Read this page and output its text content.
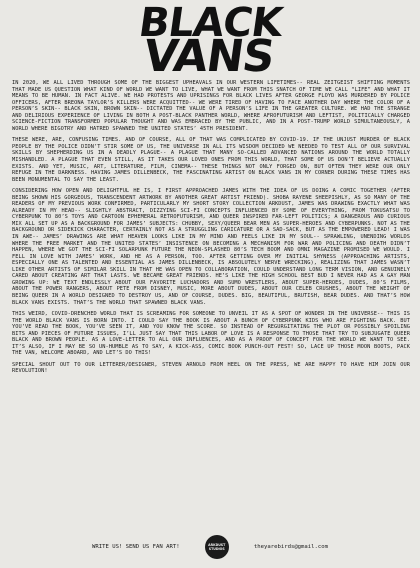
BLACK
VANS

IN 2020, WE ALL LIVED THROUGH SOME OF THE BIGGEST UPHEAVALS IN OUR WESTERN LIFETIMES-- REAL ZEITGEIST SHIFTING MOMENTS THAT MADE US QUESTION WHAT KIND OF WORLD WE WANT TO LIVE, WHAT WE WANT FROM THIS SNATCH OF TIME WE CALL “LIFE” AND WHAT IT MEANS TO BE HUMAN. IN FACT ALIVE. WE HAD PROTESTS AND UPRISINGS FOR BLACK LIVES AFTER GEORGE FLOYD WAS MURDERED BY POLICE OFFICERS, AFTER BREONA TAYLOR’S KILLERS WERE ACQUITTED-- WE WERE TIRED OF HAVING TO FACE ANOTHER DAY WHERE THE COLOR OF A PERSON’S SKIN-- BLACK SKIN, BROWN SKIN-- DICTATED THE VALUE OF A PERSON’S LIFE IN THE GREATER CULTURE. WE HAD THE STRANGE AND DELIRIOUS EXPERIENCE OF LIVING IN BOTH A POST-BLACK PANTHER WORLD, WHERE AFROFUTURISM AND LEFTIST, POLITICALLY CHARGED SCIENCE-FICTION TRANSFORMED POPULAR THOUGHT AND WAS EMBRACED BY THE PUBLIC, AND IN A POST-TRUMP WORLD SIMULTANEOUSLY, A WORLD WHERE BIGOTRY AND HATRED SPAWNED THE UNITED STATES’ 45TH PRESIDENT.

THESE WERE, ARE, CONFUSING TIMES. AND OF COURSE, ALL OF THAT WAS COMPLICATED BY COVID-19. IF THE UNJUST MURDER OF BLACK PEOPLE BY THE POLICE DIDN’T STIR SOME OF US, THE UNIVERSE IN ALL ITS WISDOM DECIDED WE NEEDED TO TEST ALL OF OUR SURVIVAL SKILLS BY SHEPHERDING US IN A DEADLY PLAGUE-- A PLAGUE THAT MANY SO-CALLED ADVANCED NATIONS AROUND THE WORLD TOTALLY MISHANDLED. A PLAGUE THAT EVEN STILL, AS IT TAKES OUR LOVED ONES FROM THIS WORLD, THAT SOME OF US DON’T BELIEVE ACTUALLY EXISTS. AND YET, MUSIC, ART, LITERATURE, FILM, CINEMA-- THESE THINGS NOT ONLY FORGED ON, BUT OFTEN THEY WERE OUR ONLY REFUGE IN THE DARKNESS. HAVING JAMES DILLENBECK, THE FASCINATING ARTIST ON BLACK VANS IN MY CORNER DURING THESE TIMES HAS BEEN MONUMENTAL TO SAY THE LEAST.

CONSIDERING HOW OPEN AND DELIGHTFUL HE IS, I FIRST APPROACHED JAMES WITH THE IDEA OF US DOING A COMIC TOGETHER (AFTER BEING SHOWN HIS GORGEOUS, TRANSCENDENT ARTWORK BY ANOTHER GREAT ARTIST FRIEND). SHOBA RAYENE SHEEPISHLY, AS SO MANY OF THE READERS OF MY PREVIOUS WORK CONFIRMED, PARTICULARLY MY SHORT STORY COLLECTION ARKDUST, JAMES WAS DRAWING EXACTLY WHAT WAS ALREADY IN MY HEAD-- SLIGHTLY ABSTRACT, DIZZYING SCI-FI CONCEPTS INFLUENCED BY SOME OF EVERYTHING, FROM TOKUSATSU TO CYBERPUNK TO 80’S TOYS AND CARTOON EPHEMERAL RETROFUTURISM, AND QUEER INSPIRED FAR-LEFT POLITICS; A DANGEROUS AND CURIOUS MIX ALL SET UP AS A BACKGROUND FOR JAMES’ SUBJECTS: CHUBBY, SEXY/QUEER BEAR MEN AS SUPER-HEROES AND CYBERPUNKS. NOT AS THE BACKGROUND OR SIDEKICK CHARACTER, CERTAINLY NOT AS A STRUGGLING CARICATURE OR A SAD-SACK, BUT AS THE EMPOWERED LEAD! I WAS IN AWE-- JAMES’ DRAWINGS ARE WHAT HEAVEN LOOKS LIKE IN MY MIND AND FEELS LIKE IN MY SOUL-- SPRAWLING, UNENDING WORLDS WHERE THE FREE MARKET AND THE UNITED STATES’ INSISTENCE ON BECOMING A MECHANISM FOR WAR AND POLICING AND DEATH DIDN’T HAPPEN, WHERE WE GOT THE SCI-FI SOLARPUNK FUTURE THE NEON-SPLASHED 80’S TECH BOOM AND OMNI MAGAZINE PROMISED WE WOULD. I FELL IN LOVE WITH JAMES’ WORK, AND HE AS A PERSON, TOO. AFTER GETTING OVER MY INITIAL SHYNESS (APPROACHING ARTISTS, ESPECIALLY ONE AS TALENTED AND ESSENTIAL AS JAMES DILLENBECK, IS ABSOLUTELY NERVE WRECKING), REALIZING THAT JAMES WASN’T LIKE OTHER ARTISTS OF SIMILAR SKILL IN THAT HE WAS OPEN TO COLLABORATION, COULD UNDERSTAND LONG TERM VISION, AND GENUINELY CARED ABOUT CREATING ART THAT LASTS. WE BECAME GREAT FRIENDS. HE’S LIKE THE HIGH SCHOOL BEST BUD I NEVER HAD AS A GAY MAN GROWING UP: WE TEXT ENDLESSLY ABOUT OUR FAVORITE LUCHADORS AND SUMO WRESTLERS, ABOUT SUPER-HEROES, DUDES, 80’S FILMS, ABOUT THE POWER RANGERS, ABOUT PETE FROM DISNEY, MUSIC, MORE ABOUT DUDES, ABOUT OUR CELEB CRUSHES, ABOUT THE WEIGHT OF BEING QUEER IN A WORLD DESIGNED TO DESTROY US, AND OF COURSE, DUDES. BIG, BEAUTIFUL, BRUTISH, BEAR DUDES. AND THAT’S HOW BLACK VANS EXISTS. THAT’S THE WORLD THAT SPAWNED BLACK VANS.

THIS WEIRD, COVID-DRENCHED WORLD THAT IS SCREAMING FOR SOMEONE TO UNVEIL IT AS A SPOT OF WONDER IN THE UNIVERSE-- THIS IS THE WORLD BLACK VANS IS BORN INTO. I COULD SAY THE BOOK IS ABOUT A BUNCH OF CYBERPUNK KIDS WHO ARE FIGHTING BACK. BUT YOU’VE READ THE BOOK, YOU’VE SEEN IT, AND YOU KNOW THE SCORE. SO INSTEAD OF REGURGITATING THE PLOT OR POSSIBLY SPOILING BITS AND PIECES OF FUTURE ISSUES, I’LL JUST SAY THAT THIS LABOR OF LOVE IS A RESPONSE TO THOSE THAT TRY TO SUBJUGATE QUEER BLACK AND BROWN PEOPLE. AS A LOVE-LETTER TO ALL OUR INFLUENCES, AND AS A PROOF OF CONCEPT FOR THE WORLD WE WANT TO SEE. IT’S ALSO, IF I MAY BE SO UN-HUMBLE AS TO SAY, A KICK-ASS, COMIC BOOK PUNCH-OUT FEST! SO, LACE UP THOSE MOON BOOTS, PACK THE VAN, WELCOME ABOARD, AND LET’S DO THIS!

SPECIAL SHOUT OUT TO OUR LETTERER/DESIGNER, STEVEN ARNOLD FROM HEEL ON THE PRESS, WE ARE HAPPY TO HAVE HIM JOIN OUR REVOLUTION!

WRITE US! SEND US FAN ART!	ARKDUST STUDIOS	theyarebirds@gmail.com
